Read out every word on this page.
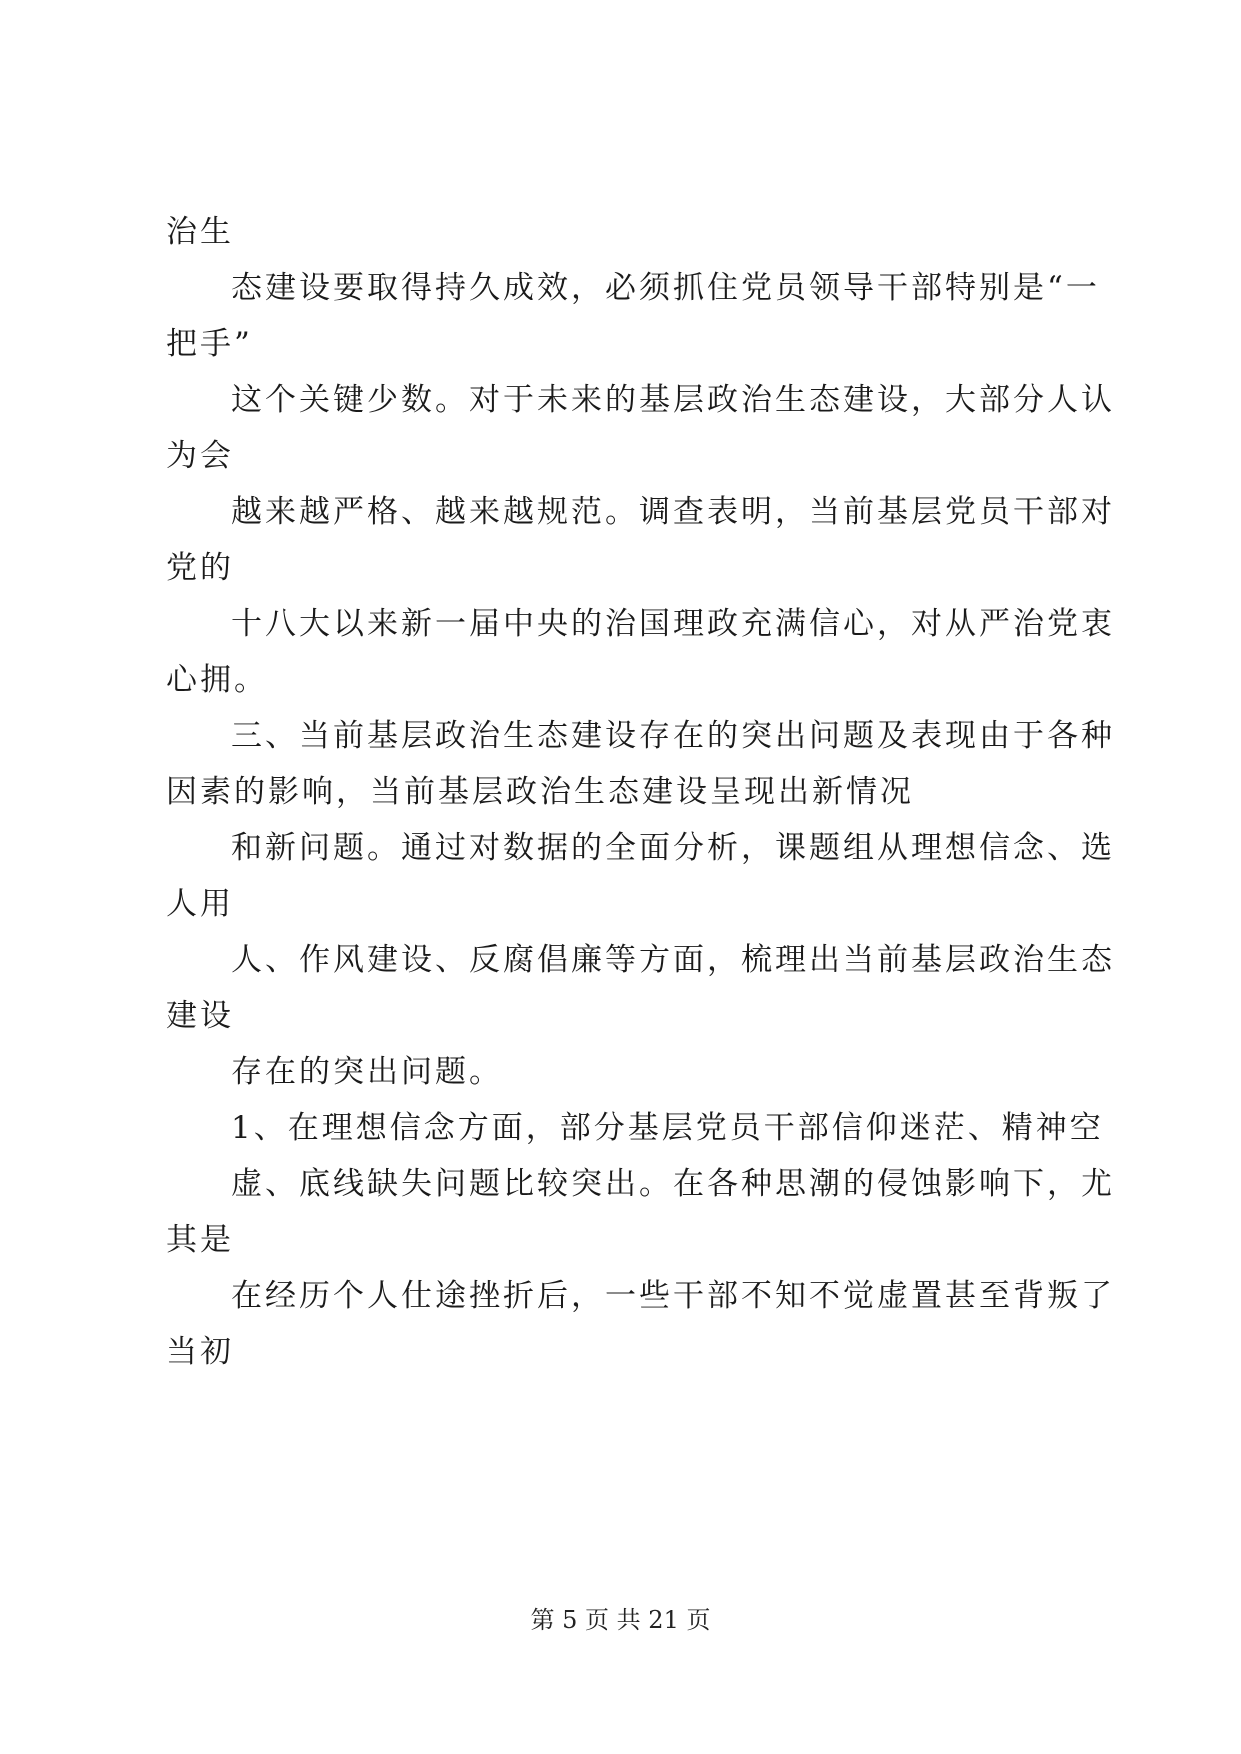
治生
态建设要取得持久成效，必须抓住党员领导干部特别是“一
把手”
这个关键少数。对于未来的基层政治生态建设，大部分人认
为会
越来越严格、越来越规范。调查表明，当前基层党员干部对
党的
十八大以来新一届中央的治国理政充满信心，对从严治党衷
心拥。
三、当前基层政治生态建设存在的突出问题及表现由于各种
因素的影响，当前基层政治生态建设呈现出新情况
和新问题。通过对数据的全面分析，课题组从理想信念、选
人用
人、作风建设、反腐倡廉等方面，梳理出当前基层政治生态
建设
存在的突出问题。
1、在理想信念方面，部分基层党员干部信仰迷茫、精神空
虚、底线缺失问题比较突出。在各种思潮的侵蚀影响下，尤
其是
在经历个人仕途挫折后，一些干部不知不觉虚置甚至背叛了
当初
第 5 页 共 21 页
